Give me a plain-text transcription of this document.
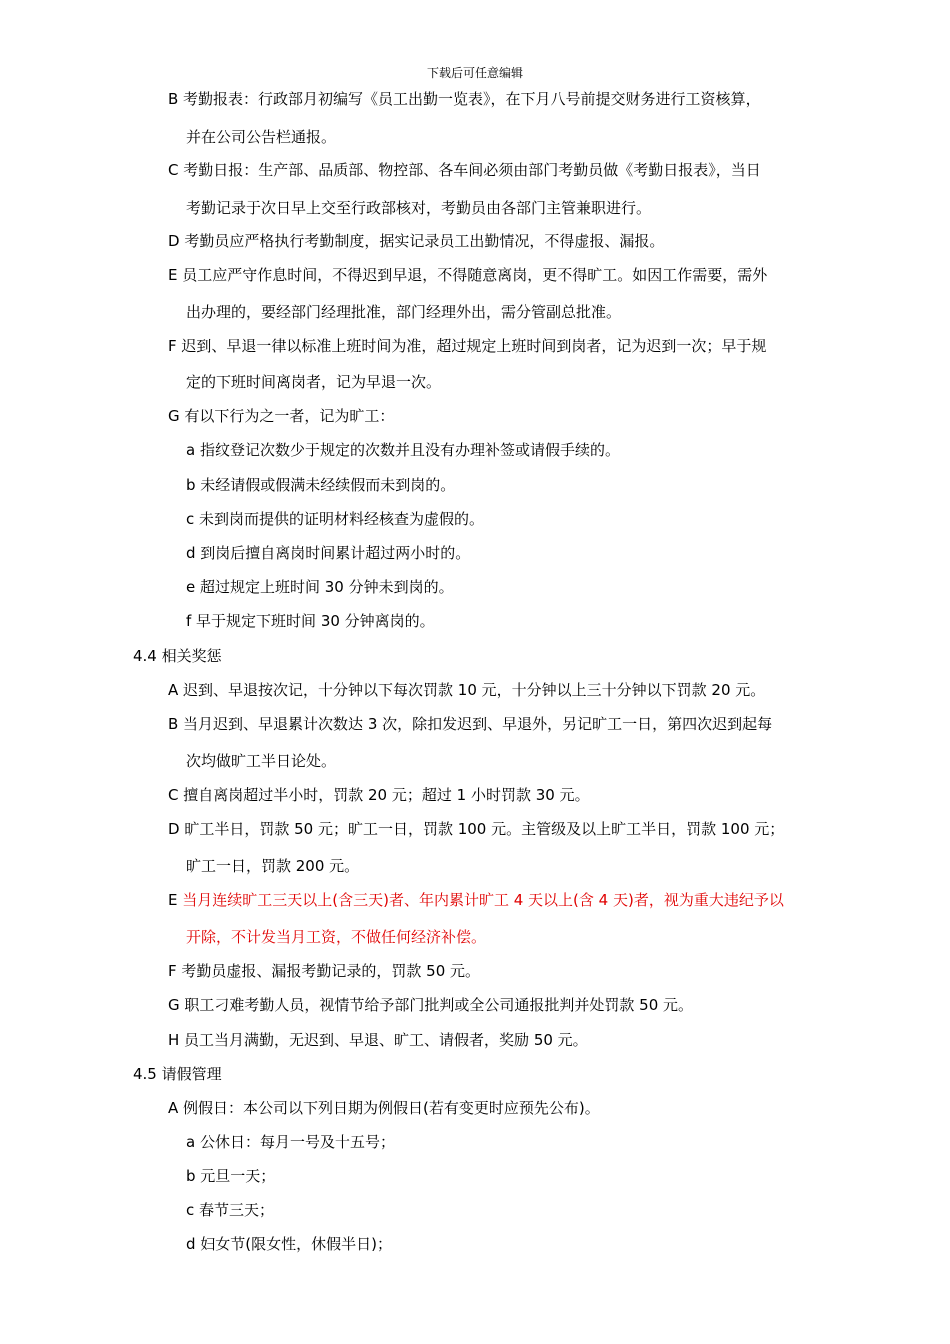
下载后可任意编辑
B 考勤报表：行政部月初编写《员工出勤一览表》，在下月八号前提交财务进行工资核算，
并在公司公告栏通报。
C 考勤日报：生产部、品质部、物控部、各车间必须由部门考勤员做《考勤日报表》，当日
考勤记录于次日早上交至行政部核对，考勤员由各部门主管兼职进行。
D 考勤员应严格执行考勤制度，据实记录员工出勤情况，不得虚报、漏报。
E 员工应严守作息时间，不得迟到早退，不得随意离岗，更不得旷工。如因工作需要，需外
出办理的，要经部门经理批准，部门经理外出，需分管副总批准。
F 迟到、早退一律以标准上班时间为准，超过规定上班时间到岗者，记为迟到一次；早于规
定的下班时间离岗者，记为早退一次。
G 有以下行为之一者，记为旷工：
a 指纹登记次数少于规定的次数并且没有办理补签或请假手续的。
b 未经请假或假满未经续假而未到岗的。
c 未到岗而提供的证明材料经核查为虚假的。
d 到岗后擅自离岗时间累计超过两小时的。
e 超过规定上班时间 30 分钟未到岗的。
f 早于规定下班时间 30 分钟离岗的。
4.4 相关奖惩
A 迟到、早退按次记，十分钟以下每次罚款 10 元，十分钟以上三十分钟以下罚款 20 元。
B 当月迟到、早退累计次数达 3 次，除扣发迟到、早退外，另记旷工一日，第四次迟到起每
次均做旷工半日论处。
C 擅自离岗超过半小时，罚款 20 元；超过 1 小时罚款 30 元。
D 旷工半日，罚款 50 元；旷工一日，罚款 100 元。主管级及以上旷工半日，罚款 100 元；
旷工一日，罚款 200 元。
E 当月连续旷工三天以上(含三天)者、年内累计旷工 4 天以上(含 4 天)者，视为重大违纪予以
开除，不计发当月工资，不做任何经济补偿。
F 考勤员虚报、漏报考勤记录的，罚款 50 元。
G 职工刁难考勤人员，视情节给予部门批判或全公司通报批判并处罚款 50 元。
H 员工当月满勤，无迟到、早退、旷工、请假者，奖励 50 元。
4.5 请假管理
A 例假日：本公司以下列日期为例假日(若有变更时应预先公布)。
a 公休日：每月一号及十五号；
b 元旦一天；
c 春节三天；
d 妇女节(限女性，休假半日)；
